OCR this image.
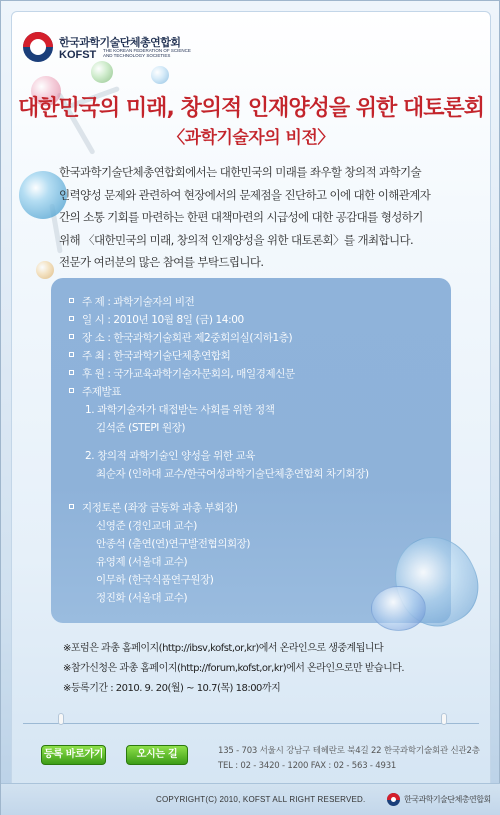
한국과학기술단체총연합회
KOFST THE KOREAN FEDERATION OF SCIENCE AND TECHNOLOGY SOCIETIES
대한민국의 미래, 창의적 인재양성을 위한 대토론회
〈과학기술자의 비전〉

한국과학기술단체총연합회에서는 대한민국의 미래를 좌우할 창의적 과학기술

인력양성 문제와 관련하여 현장에서의 문제점을 진단하고 이에 대한 이해관계자

간의 소통 기회를 마련하는 한편 대책마련의 시급성에 대한 공감대를 형성하기

위해 〈대한민국의 미래, 창의적 인재양성을 위한 대토론회〉를 개최합니다.

전문가 여러분의 많은 참여를 부탁드립니다.

주 제 : 과학기술자의 비전
일 시 : 2010년 10월 8일 (금) 14:00
장 소 : 한국과학기술회관 제2중회의실(지하1층)
주 최 : 한국과학기술단체총연합회
후 원 : 국가교육과학기술자문회의, 매일경제신문
주제발표
1. 과학기술자가 대접받는 사회를 위한 정책
김석준 (STEPI 원장)
2. 창의적 과학기술인 양성을 위한 교육
최순자 (인하대 교수/한국여성과학기술단체총연합회 차기회장)
지정토론 (좌장 금동화 과총 부회장)
신영준 (경인교대 교수)
안종석 (출연(연)연구발전협의회장)
유영제 (서울대 교수)
이무하 (한국식품연구원장)
정진화 (서울대 교수)
※포럼은 과총 홈페이지(http://ibsv,kofst,or,kr)에서 온라인으로 생중계됩니다
※참가신청은 과총 홈페이지(http://forum,kofst,or,kr)에서 온라인으로만 받습니다.
※등록기간 : 2010. 9. 20(월) ~ 10.7(목) 18:00까지
등록 바로가기	오시는 길	135 - 703 서울시 강남구 테헤란로 북4길 22 한국과학기술회관 신관2층
TEL : 02 - 3420 - 1200 FAX : 02 - 563 - 4931
COPYRIGHT(C) 2010, KOFST ALL RIGHT RESERVED.	한국과학기술단체총연합회
